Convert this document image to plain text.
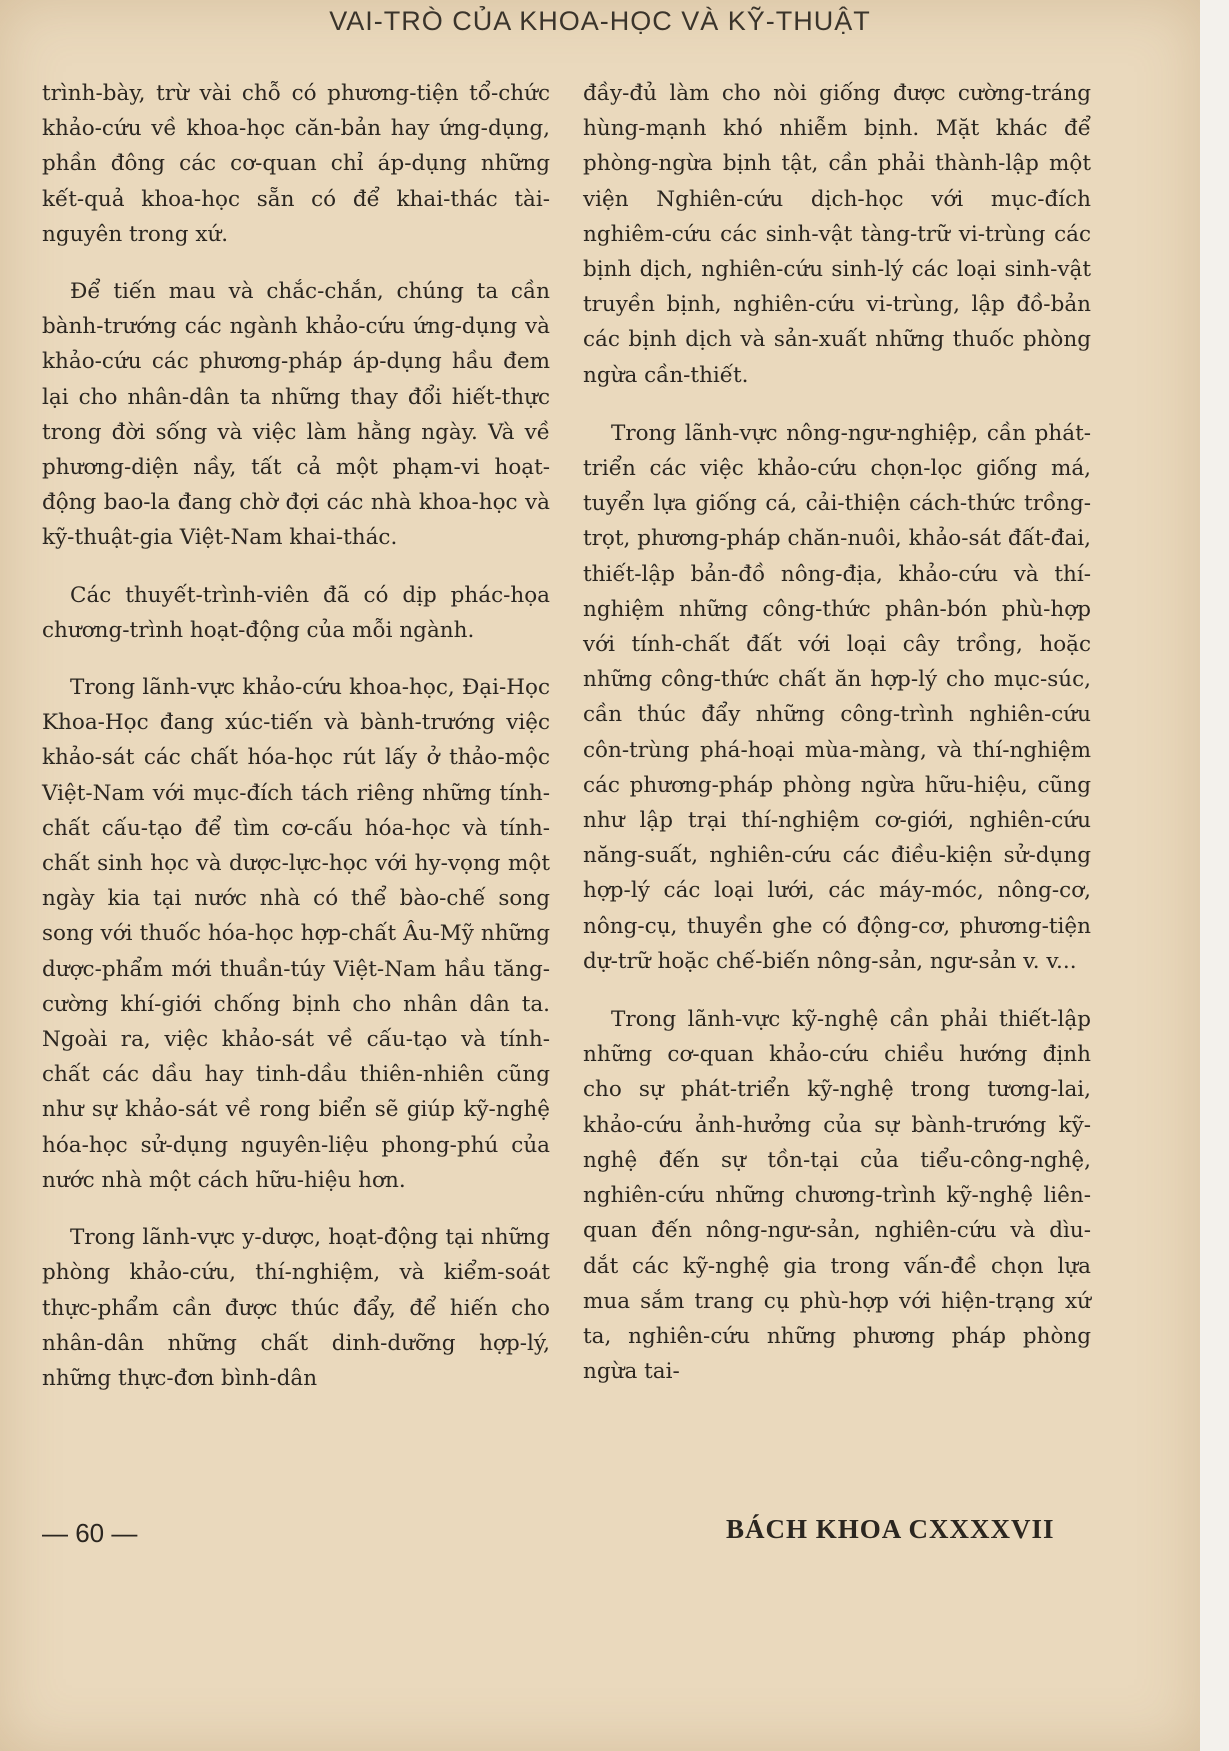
VAI-TRÒ CỦA KHOA-HỌC VÀ KỸ-THUẬT

trình-bày, trừ vài chỗ có phương-tiện tổ-chức khảo-cứu về khoa-học căn-bản hay ứng-dụng, phần đông các cơ-quan chỉ áp-dụng những kết-quả khoa-học sẵn có để khai-thác tài-nguyên trong xứ.

Để tiến mau và chắc-chắn, chúng ta cần bành-trướng các ngành khảo-cứu ứng-dụng và khảo-cứu các phương-pháp áp-dụng hầu đem lại cho nhân-dân ta những thay đổi hiết-thực trong đời sống và việc làm hằng ngày. Và về phương-diện nầy, tất cả một phạm-vi hoạt-động bao-la đang chờ đợi các nhà khoa-học và kỹ-thuật-gia Việt-Nam khai-thác.

Các thuyết-trình-viên đã có dịp phác-họa chương-trình hoạt-động của mỗi ngành.

Trong lãnh-vực khảo-cứu khoa-học, Đại-Học Khoa-Học đang xúc-tiến và bành-trướng việc khảo-sát các chất hóa-học rút lấy ở thảo-mộc Việt-Nam với mục-đích tách riêng những tính-chất cấu-tạo để tìm cơ-cấu hóa-học và tính-chất sinh học và dược-lực-học với hy-vọng một ngày kia tại nước nhà có thể bào-chế song song với thuốc hóa-học hợp-chất Âu-Mỹ những dược-phẩm mới thuần-túy Việt-Nam hầu tăng-cường khí-giới chống bịnh cho nhân dân ta. Ngoài ra, việc khảo-sát về cấu-tạo và tính-chất các dầu hay tinh-dầu thiên-nhiên cũng như sự khảo-sát về rong biển sẽ giúp kỹ-nghệ hóa-học sử-dụng nguyên-liệu phong-phú của nước nhà một cách hữu-hiệu hơn.

Trong lãnh-vực y-dược, hoạt-động tại những phòng khảo-cứu, thí-nghiệm, và kiểm-soát thực-phẩm cần được thúc đẩy, để hiến cho nhân-dân những chất dinh-dưỡng hợp-lý, những thực-đơn bình-dân

đầy-đủ làm cho nòi giống được cường-tráng hùng-mạnh khó nhiễm bịnh. Mặt khác để phòng-ngừa bịnh tật, cần phải thành-lập một viện Nghiên-cứu dịch-học với mục-đích nghiêm-cứu các sinh-vật tàng-trữ vi-trùng các bịnh dịch, nghiên-cứu sinh-lý các loại sinh-vật truyền bịnh, nghiên-cứu vi-trùng, lập đồ-bản các bịnh dịch và sản-xuất những thuốc phòng ngừa cần-thiết.

Trong lãnh-vực nông-ngư-nghiệp, cần phát-triển các việc khảo-cứu chọn-lọc giống má, tuyển lựa giống cá, cải-thiện cách-thức trồng-trọt, phương-pháp chăn-nuôi, khảo-sát đất-đai, thiết-lập bản-đồ nông-địa, khảo-cứu và thí-nghiệm những công-thức phân-bón phù-hợp với tính-chất đất với loại cây trồng, hoặc những công-thức chất ăn hợp-lý cho mục-súc, cần thúc đẩy những công-trình nghiên-cứu côn-trùng phá-hoại mùa-màng, và thí-nghiệm các phương-pháp phòng ngừa hữu-hiệu, cũng như lập trại thí-nghiệm cơ-giới, nghiên-cứu năng-suất, nghiên-cứu các điều-kiện sử-dụng hợp-lý các loại lưới, các máy-móc, nông-cơ, nông-cụ, thuyền ghe có động-cơ, phương-tiện dự-trữ hoặc chế-biến nông-sản, ngư-sản v. v...

Trong lãnh-vực kỹ-nghệ cần phải thiết-lập những cơ-quan khảo-cứu chiều hướng định cho sự phát-triển kỹ-nghệ trong tương-lai, khảo-cứu ảnh-hưởng của sự bành-trướng kỹ-nghệ đến sự tồn-tại của tiểu-công-nghệ, nghiên-cứu những chương-trình kỹ-nghệ liên-quan đến nông-ngư-sản, nghiên-cứu và dìu-dắt các kỹ-nghệ gia trong vấn-đề chọn lựa mua sắm trang cụ phù-hợp với hiện-trạng xứ ta, nghiên-cứu những phương pháp phòng ngừa tai-

— 60 —	BÁCH KHOA CXXXXVII
